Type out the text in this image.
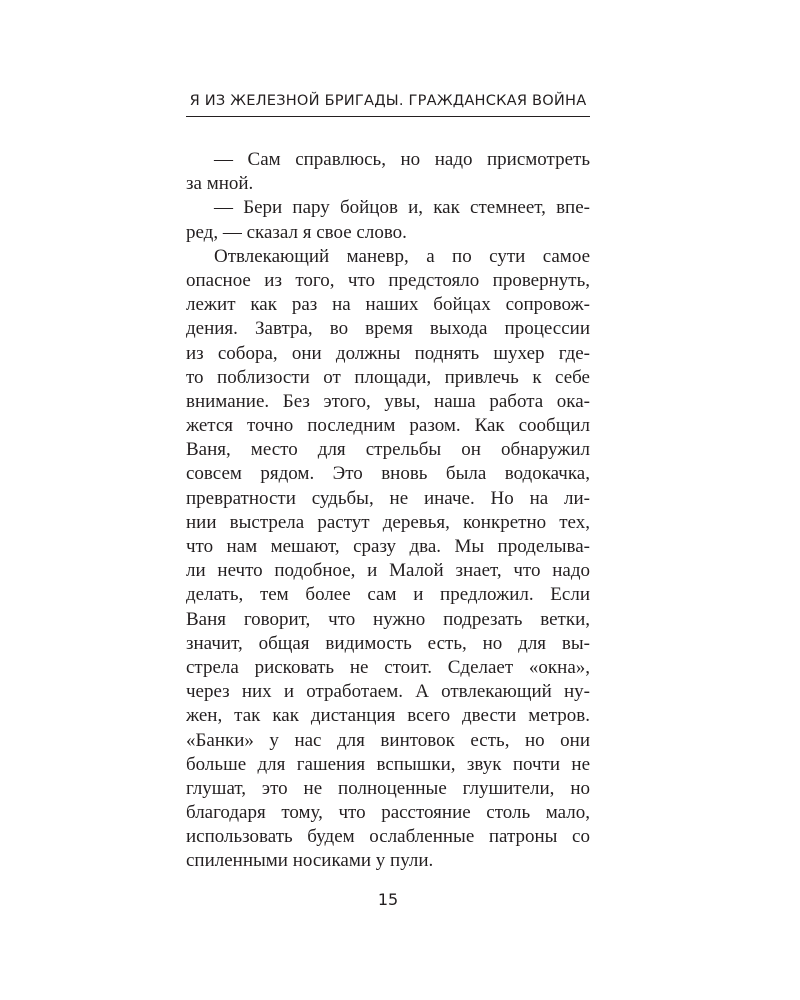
Я ИЗ ЖЕЛЕЗНОЙ БРИГАДЫ. ГРАЖДАНСКАЯ ВОЙНА
— Сам справлюсь, но надо присмотреть
за мной.
— Бери пару бойцов и, как стемнеет, впе-
ред, — сказал я свое слово.
Отвлекающий маневр, а по сути самое
опасное из того, что предстояло провернуть,
лежит как раз на наших бойцах сопровож-
дения. Завтра, во время выхода процессии
из собора, они должны поднять шухер где-
то поблизости от площади, привлечь к себе
внимание. Без этого, увы, наша работа ока-
жется точно последним разом. Как сообщил
Ваня, место для стрельбы он обнаружил
совсем рядом. Это вновь была водокачка,
превратности судьбы, не иначе. Но на ли-
нии выстрела растут деревья, конкретно тех,
что нам мешают, сразу два. Мы проделыва-
ли нечто подобное, и Малой знает, что надо
делать, тем более сам и предложил. Если
Ваня говорит, что нужно подрезать ветки,
значит, общая видимость есть, но для вы-
стрела рисковать не стоит. Сделает «окна»,
через них и отработаем. А отвлекающий ну-
жен, так как дистанция всего двести метров.
«Банки» у нас для винтовок есть, но они
больше для гашения вспышки, звук почти не
глушат, это не полноценные глушители, но
благодаря тому, что расстояние столь мало,
использовать будем ослабленные патроны со
спиленными носиками у пули.
15
